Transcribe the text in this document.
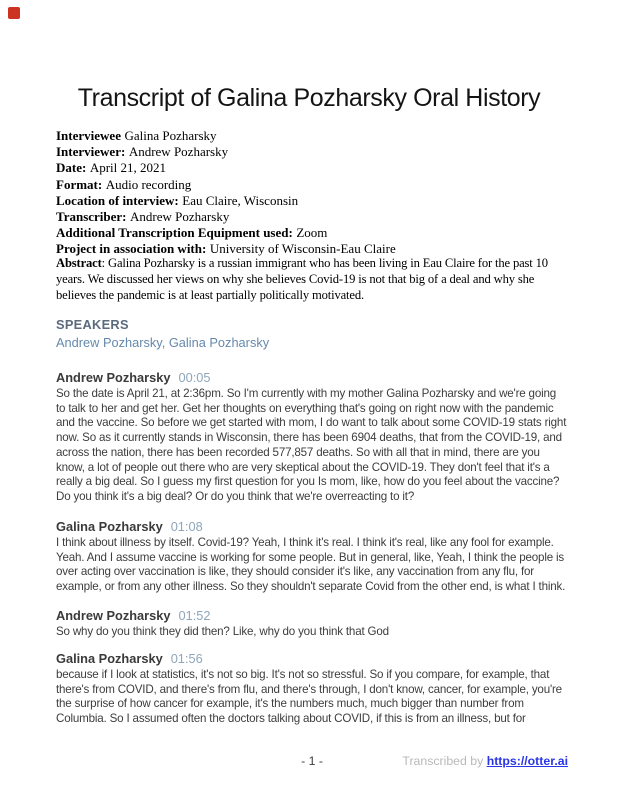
Transcript of Galina Pozharsky Oral History
Interviewee Galina Pozharsky
Interviewer: Andrew Pozharsky
Date: April 21, 2021
Format: Audio recording
Location of interview: Eau Claire, Wisconsin
Transcriber: Andrew Pozharsky
Additional Transcription Equipment used: Zoom
Project in association with: University of Wisconsin-Eau Claire

Abstract: Galina Pozharsky is a russian immigrant who has been living in Eau Claire for the past 10 years. We discussed her views on why she believes Covid-19 is not that big of a deal and why she believes the pandemic is at least partially politically motivated.

SPEAKERS
Andrew Pozharsky, Galina Pozharsky
Andrew Pozharsky 00:05

So the date is April 21, at 2:36pm. So I'm currently with my mother Galina Pozharsky and we're going to talk to her and get her. Get her thoughts on everything that's going on right now with the pandemic and the vaccine. So before we get started with mom, I do want to talk about some COVID-19 stats right now. So as it currently stands in Wisconsin, there has been 6904 deaths, that from the COVID-19, and across the nation, there has been recorded 577,857 deaths. So with all that in mind, there are you know, a lot of people out there who are very skeptical about the COVID-19. They don't feel that it's a really a big deal. So I guess my first question for you Is mom, like, how do you feel about the vaccine? Do you think it's a big deal? Or do you think that we're overreacting to it?

Galina Pozharsky 01:08

I think about illness by itself. Covid-19? Yeah, I think it's real. I think it's real, like any fool for example. Yeah. And I assume vaccine is working for some people. But in general, like, Yeah, I think the people is over acting over vaccination is like, they should consider it's like, any vaccination from any flu, for example, or from any other illness. So they shouldn't separate Covid from the other end, is what I think.

Andrew Pozharsky 01:52

So why do you think they did then? Like, why do you think that God

Galina Pozharsky 01:56

because if I look at statistics, it's not so big. It's not so stressful. So if you compare, for example, that there's from COVID, and there's from flu, and there's through, I don't know, cancer, for example, you're the surprise of how cancer for example, it's the numbers much, much bigger than number from Columbia. So I assumed often the doctors talking about COVID, if this is from an illness, but for

- 1 -	Transcribed by https://otter.ai
